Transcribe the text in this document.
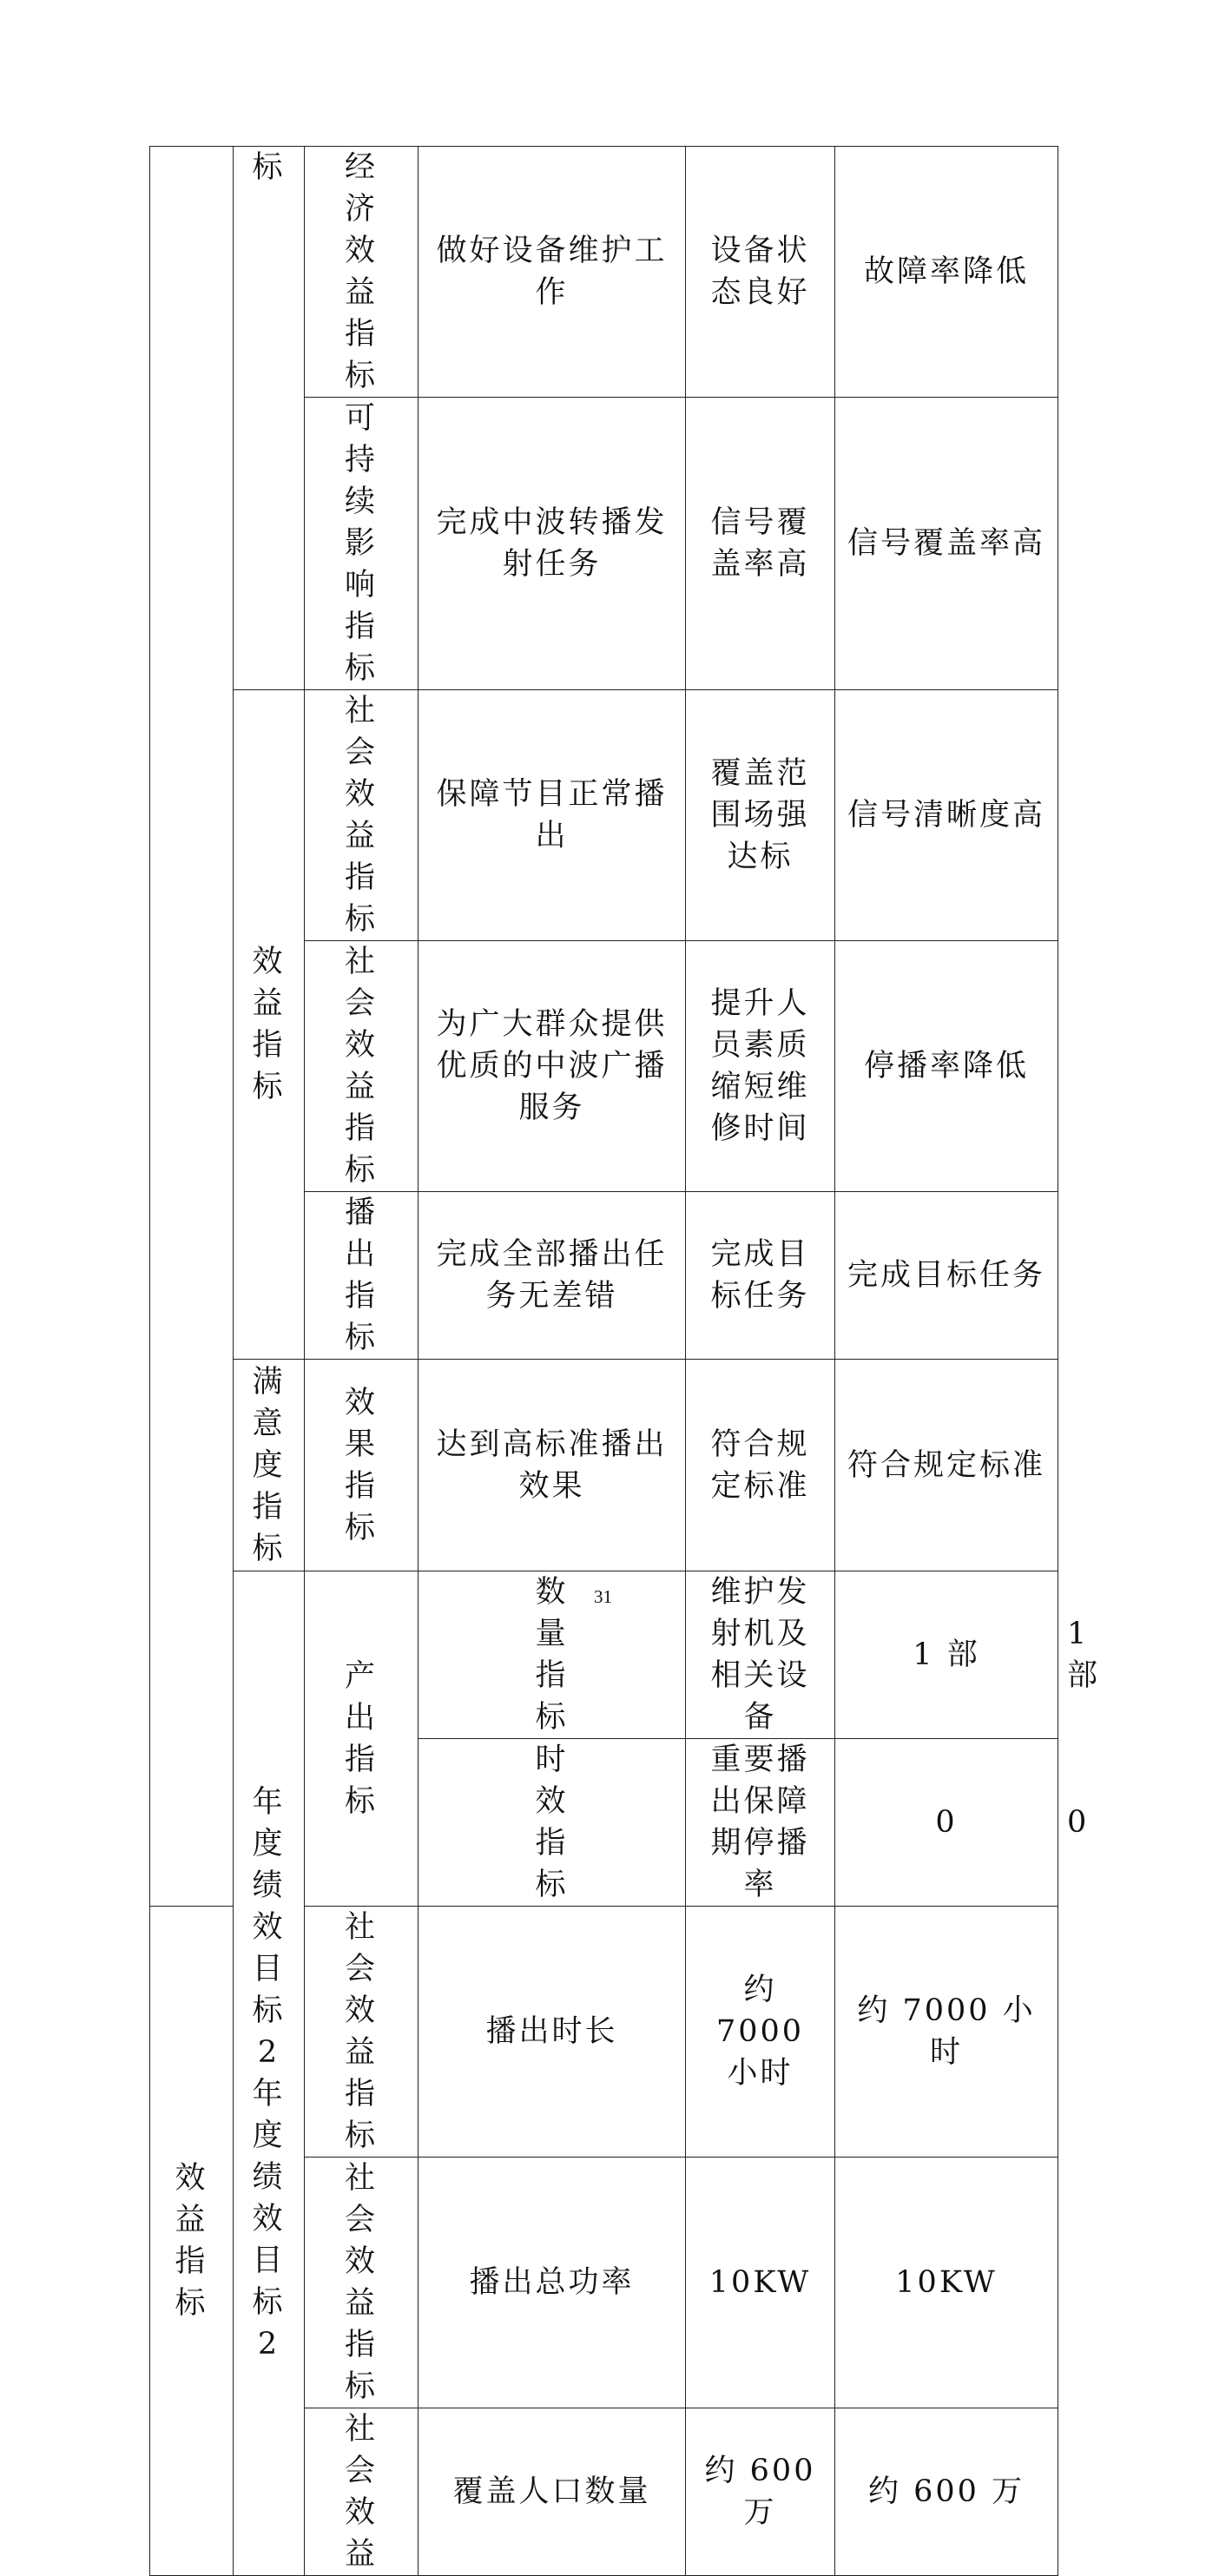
	标	经济效益指标	做好设备维护工作	设备状态良好	故障率降低	

		可持续影响指标	完成中波转播发射任务	信号覆盖率高	信号覆盖率高	

	效益指标	社会效益指标	保障节目正常播出	覆盖范围场强达标	信号清晰度高	

		社会效益指标	为广大群众提供优质的中波广播服务	提升人员素质缩短维修时间	停播率降低	

		播出指标	完成全部播出任务无差错	完成目标任务	完成目标任务	

	满意度指标	效果指标	达到高标准播出效果	符合规定标准	符合规定标准	

	年度绩效目标2年度绩效目标2	产出指标	数量指标	维护发射机及相关设备	1 部	1 部

			时效指标	重要播出保障期停播率	0	0

效益指标		社会效益指标	播出时长	约 7000 小时	约 7000 小时	

		社会效益指标	播出总功率	10KW	10KW	

		社会效益	覆盖人口数量	约 600 万	约 600 万	
31
